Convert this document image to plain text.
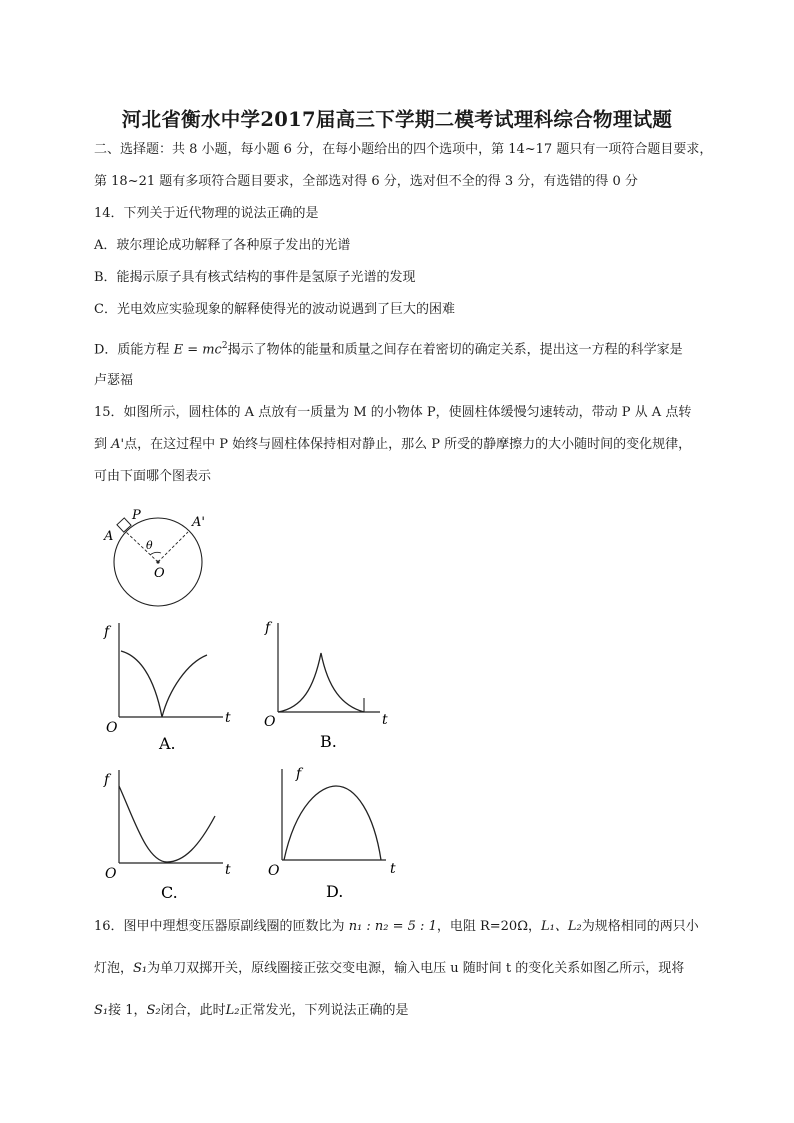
河北省衡水中学2017届高三下学期二模考试理科综合物理试题
二、选择题：共 8 小题，每小题 6 分，在每小题给出的四个选项中，第 14~17 题只有一项符合题目要求，
第 18~21 题有多项符合题目要求，全部选对得 6 分，选对但不全的得 3 分，有选错的得 0 分
14．下列关于近代物理的说法正确的是
A．玻尔理论成功解释了各种原子发出的光谱
B．能揭示原子具有核式结构的事件是氢原子光谱的发现
C．光电效应实验现象的解释使得光的波动说遇到了巨大的困难
D．质能方程 $E = mc^2$揭示了物体的能量和质量之间存在着密切的确定关系，提出这一方程的科学家是
卢瑟福
15．如图所示，圆柱体的 A 点放有一质量为 M 的小物体 P，使圆柱体缓慢匀速转动，带动 P 从 A 点转
到 A'点，在这过程中 P 始终与圆柱体保持相对静止，那么 P 所受的静摩擦力的大小随时间的变化规律，
可由下面哪个图表示
P
A
A'
θ
O
f
t
O
A.
f
t
O
B.
f
t
O
C.
f
t
O
D.
16．图甲中理想变压器原副线圈的匝数比为 n₁ : n₂ = 5 : 1，电阻 R=20Ω，L₁、L₂为规格相同的两只小
灯泡，S₁为单刀双掷开关，原线圈接正弦交变电源，输入电压 u 随时间 t 的变化关系如图乙所示，现将
S₁接 1，S₂闭合，此时L₂正常发光，下列说法正确的是
